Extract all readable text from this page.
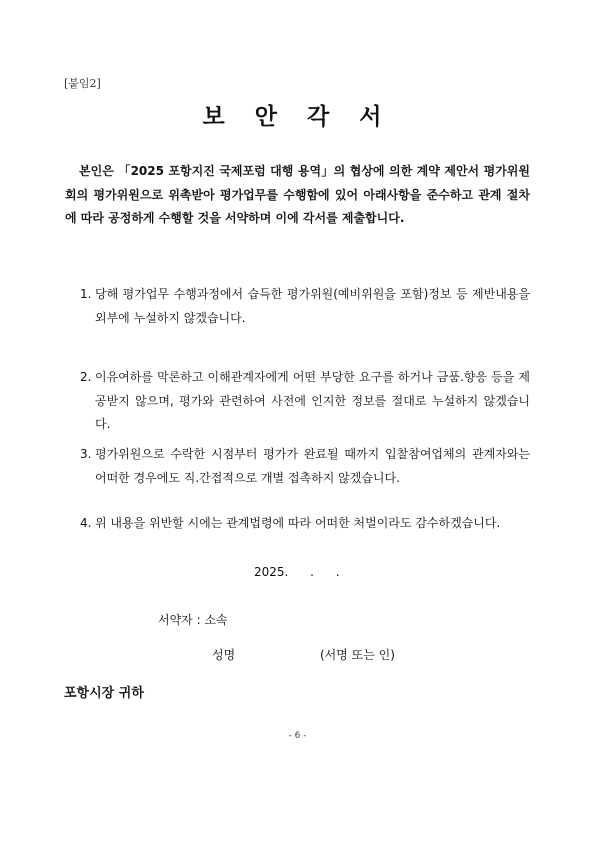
[붙임2]
보 안 각 서

본인은 「2025 포항지진 국제포럼 대행 용역」의 협상에 의한 계약 제안서 평가위원회의 평가위원으로 위촉받아 평가업무를 수행함에 있어 아래사항을 준수하고 관계 절차에 따라 공정하게 수행할 것을 서약하며 이에 각서를 제출합니다.

1. 당해 평가업무 수행과정에서 습득한 평가위원(예비위원을 포함)정보 등 제반내용을 외부에 누설하지 않겠습니다.
2. 이유여하를 막론하고 이해관계자에게 어떤 부당한 요구를 하거나 금품.향응 등을 제공받지 않으며, 평가와 관련하여 사전에 인지한 정보를 절대로 누설하지 않겠습니다.
3. 평가위원으로 수락한 시점부터 평가가 완료될 때까지 입찰참여업체의 관계자와는 어떠한 경우에도 직.간접적으로 개별 접촉하지 않겠습니다.
4. 위 내용을 위반할 시에는 관계법령에 따라 어떠한 처벌이라도 감수하겠습니다.
2025. . .
서약자 : 소속
성명	(서명 또는 인)
포항시장 귀하
- 6 -
